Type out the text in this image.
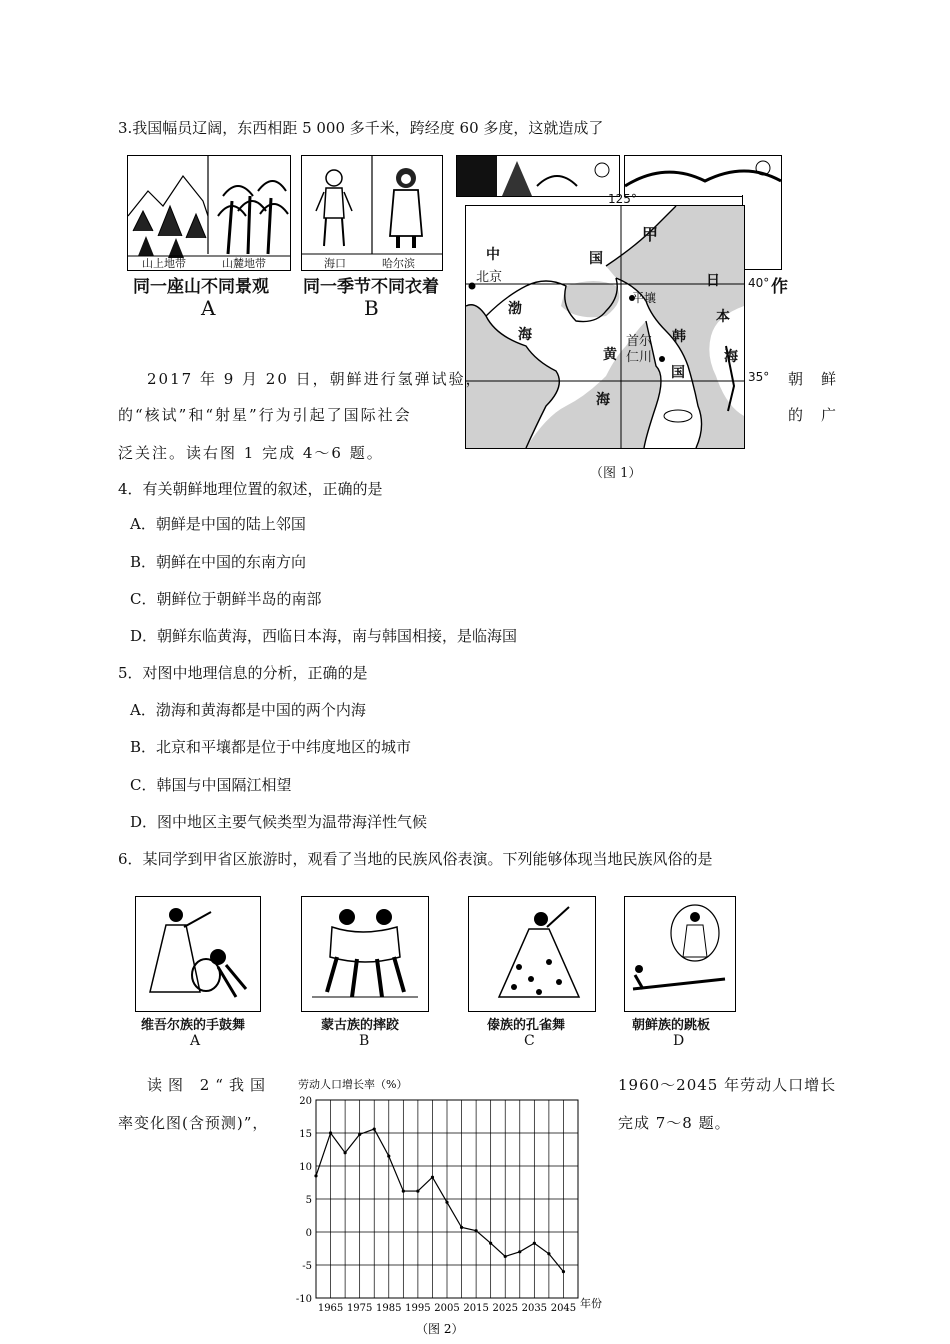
3.我国幅员辽阔，东西相距 5 000 多千米，跨经度 60 多度，这就造成了
山上地带	山麓地带
同一座山不同景观
A
海口	哈尔滨
同一季节不同衣着
B
作
中	国
甲
日
本
海
北京
渤
海
平壤
首尔 韩
仁川
国
黄
海
125°
40°
35°
（图 1）
2017 年 9 月 20 日，朝鲜进行氢弹试验，	朝鲜
的“核试”和“射星”行为引起了国际社会	的广
泛关注。读右图 1 完成 4～6 题。
4．有关朝鲜地理位置的叙述，正确的是
A．朝鲜是中国的陆上邻国
B．朝鲜在中国的东南方向
C．朝鲜位于朝鲜半岛的南部
D．朝鲜东临黄海，西临日本海，南与韩国相接，是临海国
5．对图中地理信息的分析，正确的是
A．渤海和黄海都是中国的两个内海
B．北京和平壤都是位于中纬度地区的城市
C．韩国与中国隔江相望
D．图中地区主要气候类型为温带海洋性气候
6．某同学到甲省区旅游时，观看了当地的民族风俗表演。下列能够体现当地民族风俗的是
维吾尔族的手鼓舞
A
蒙古族的摔跤
B
傣族的孔雀舞
C
朝鲜族的跳板
D
读图 2“我国	1960～2045 年劳动人口增长
率变化图(含预测)”，	完成 7～8 题。
劳动人口增长率（%）
20
15
10
5
0
-5
-10
1965 1975 1985 1995 2005 2015 2025 2035 2045 年份
（图 2）
